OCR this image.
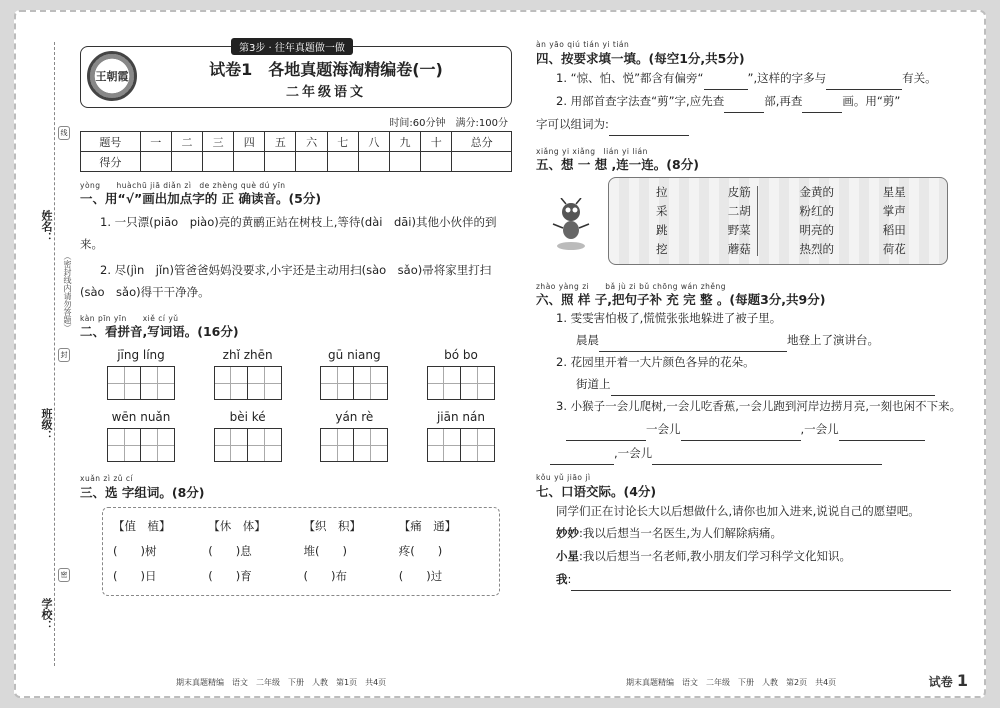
姓名：
班级：
学校：
（密封线内请勿答题）
线
封
密
第3步 · 往年真题做一做
王朝霞	试卷1　各地真题海淘精编卷(一)
二年级语文
时间:60分钟　满分:100分
题号	一	二	三	四	五	六	七	八	九	十	总分
得分											
yòng　　huàchū jiā diǎn zì　de zhèng què dú yīn
一、用“√”画出加点字的 正 确读音。(5分)
1. 一只漂(piāo　piào)亮的黄鹂正站在树枝上,等待(dài　dāi)其他小伙伴的到来。
2. 尽(jìn　jǐn)管爸爸妈妈没要求,小宇还是主动用扫(sào　sǎo)帚将家里打扫(sào　sǎo)得干干净净。
kàn pīn yīn　　xiě cí yǔ
二、看拼音,写词语。(16分)
jīng líng	zhǐ zhēn	gū niang	bó bo
wēn nuǎn	bèi ké	yán rè	jiān nán
xuǎn zì zǔ cí
三、选 字组词。(8分)
【值　植】	【休　体】	【织　积】	【痛　通】
(　　)树	(　　)息	堆(　　)	疼(　　)
(　　)日	(　　)育	(　　)布	(　　)过
àn yāo qiú tián yi tián
四、按要求填一填。(每空1分,共5分)
1. “惊、怕、悦”都含有偏旁“	”,这样的字多与	有关。
2. 用部首查字法查“剪”字,应先查	部,再查	画。用“剪”
字可以组词为:
xiǎng yi xiǎng　lián yi lián
五、想 一 想 ,连一连。(8分)
拉	皮筋	金黄的	星星
采	二胡	粉红的	掌声
跳	野菜	明亮的	稻田
挖	蘑菇	热烈的	荷花
zhào yàng zi　　bǎ jù zi bǔ chōng wán zhěng
六、照 样 子,把句子补 充 完 整 。(每题3分,共9分)
1. 雯雯害怕极了,慌慌张张地躲进了被子里。
晨晨	地登上了演讲台。
2. 花园里开着一大片颜色各异的花朵。
街道上
3. 小猴子一会儿爬树,一会儿吃香蕉,一会儿跑到河岸边捞月亮,一刻也闲不下来。
一会儿	,一会儿
,一会儿
kǒu yǔ jiāo jì
七、口语交际。(4分)
同学们正在讨论长大以后想做什么,请你也加入进来,说说自己的愿望吧。
妙妙:我以后想当一名医生,为人们解除病痛。
小星:我以后想当一名老师,教小朋友们学习科学文化知识。
我:
期末真题精编　语文　二年级　下册　人教　第1页　共4页	期末真题精编　语文　二年级　下册　人教　第2页　共4页	试卷 1
